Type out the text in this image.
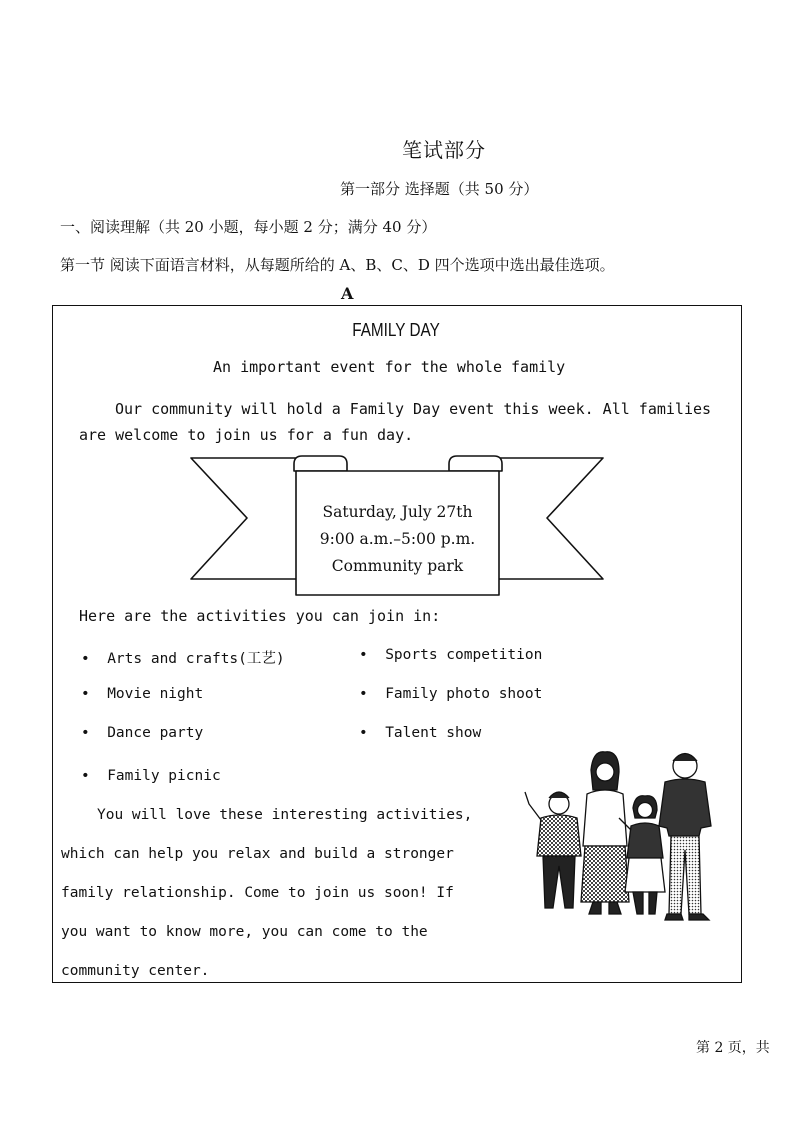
笔试部分
第一部分 选择题（共 50 分）
一、阅读理解（共 20 小题，每小题 2 分；满分 40 分）
第一节 阅读下面语言材料，从每题所给的 A、B、C、D 四个选项中选出最佳选项。
A
FAMILY DAY
An important event for the whole family
Our community will hold a Family Day event this week. All families
are welcome to join us for a fun day.
Saturday, July 27th
9:00 a.m.–5:00 p.m.
Community park
Here are the activities you can join in:
•  Arts and crafts(工艺)	•  Sports competition
•  Movie night	•  Family photo shoot
•  Dance party	•  Talent show
•  Family picnic
You will love these interesting activities,
which can help you relax and build a stronger
family relationship. Come to join us soon! If
you want to know more, you can come to the
community center.
第 2 页，共
